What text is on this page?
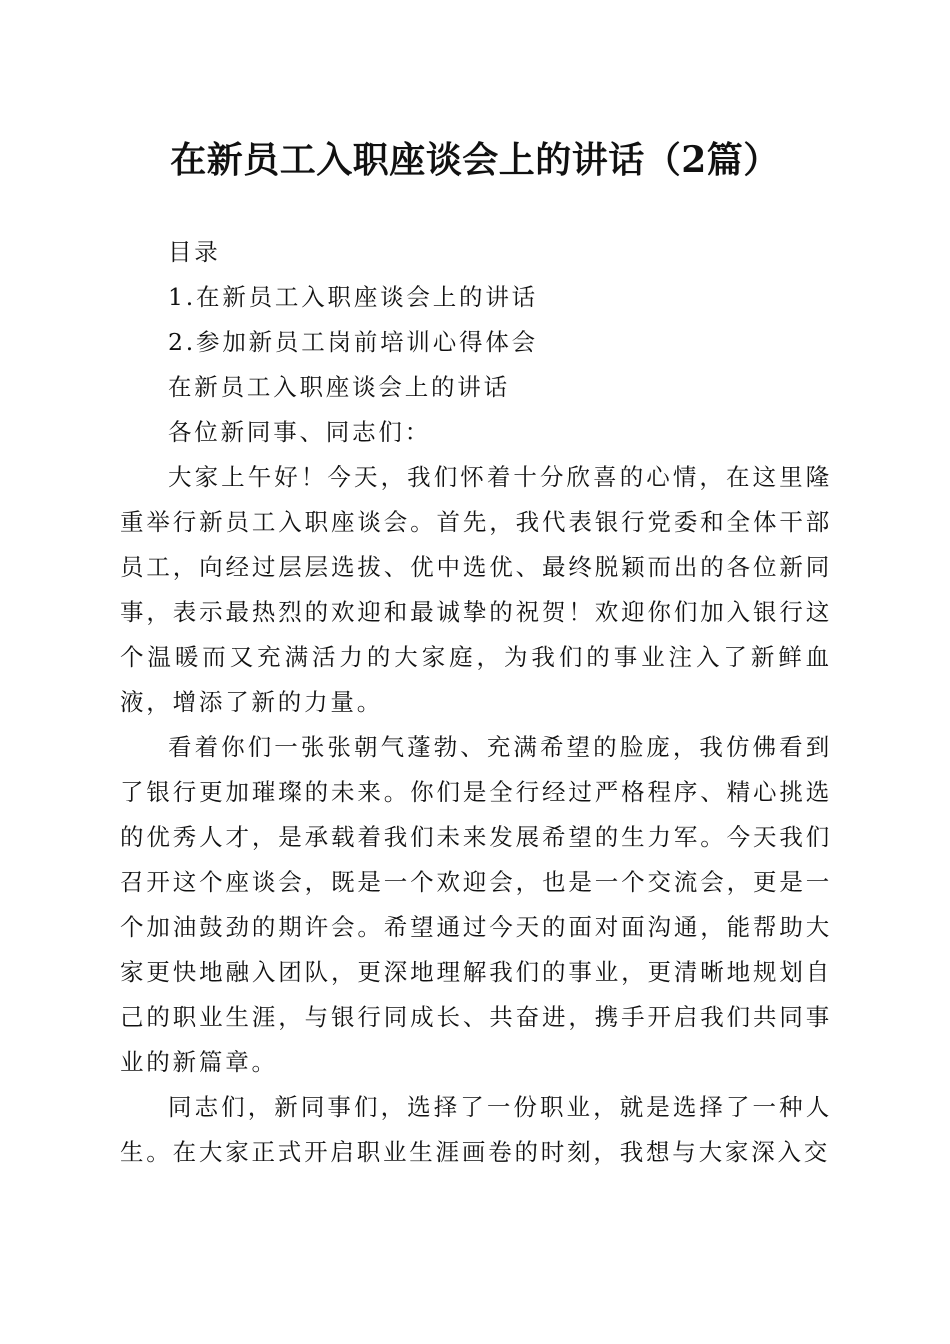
在新员工入职座谈会上的讲话（2篇）

目录

1.在新员工入职座谈会上的讲话

2.参加新员工岗前培训心得体会

在新员工入职座谈会上的讲话

各位新同事、同志们：

大家上午好！今天，我们怀着十分欣喜的心情，在这里隆重举行新员工入职座谈会。首先，我代表银行党委和全体干部员工，向经过层层选拔、优中选优、最终脱颖而出的各位新同事，表示最热烈的欢迎和最诚挚的祝贺！欢迎你们加入银行这个温暖而又充满活力的大家庭，为我们的事业注入了新鲜血液，增添了新的力量。

看着你们一张张朝气蓬勃、充满希望的脸庞，我仿佛看到了银行更加璀璨的未来。你们是全行经过严格程序、精心挑选的优秀人才，是承载着我们未来发展希望的生力军。今天我们召开这个座谈会，既是一个欢迎会，也是一个交流会，更是一个加油鼓劲的期许会。希望通过今天的面对面沟通，能帮助大家更快地融入团队，更深地理解我们的事业，更清晰地规划自己的职业生涯，与银行同成长、共奋进，携手开启我们共同事业的新篇章。

同志们，新同事们，选择了一份职业，就是选择了一种人生。在大家正式开启职业生涯画卷的时刻，我想与大家深入交
